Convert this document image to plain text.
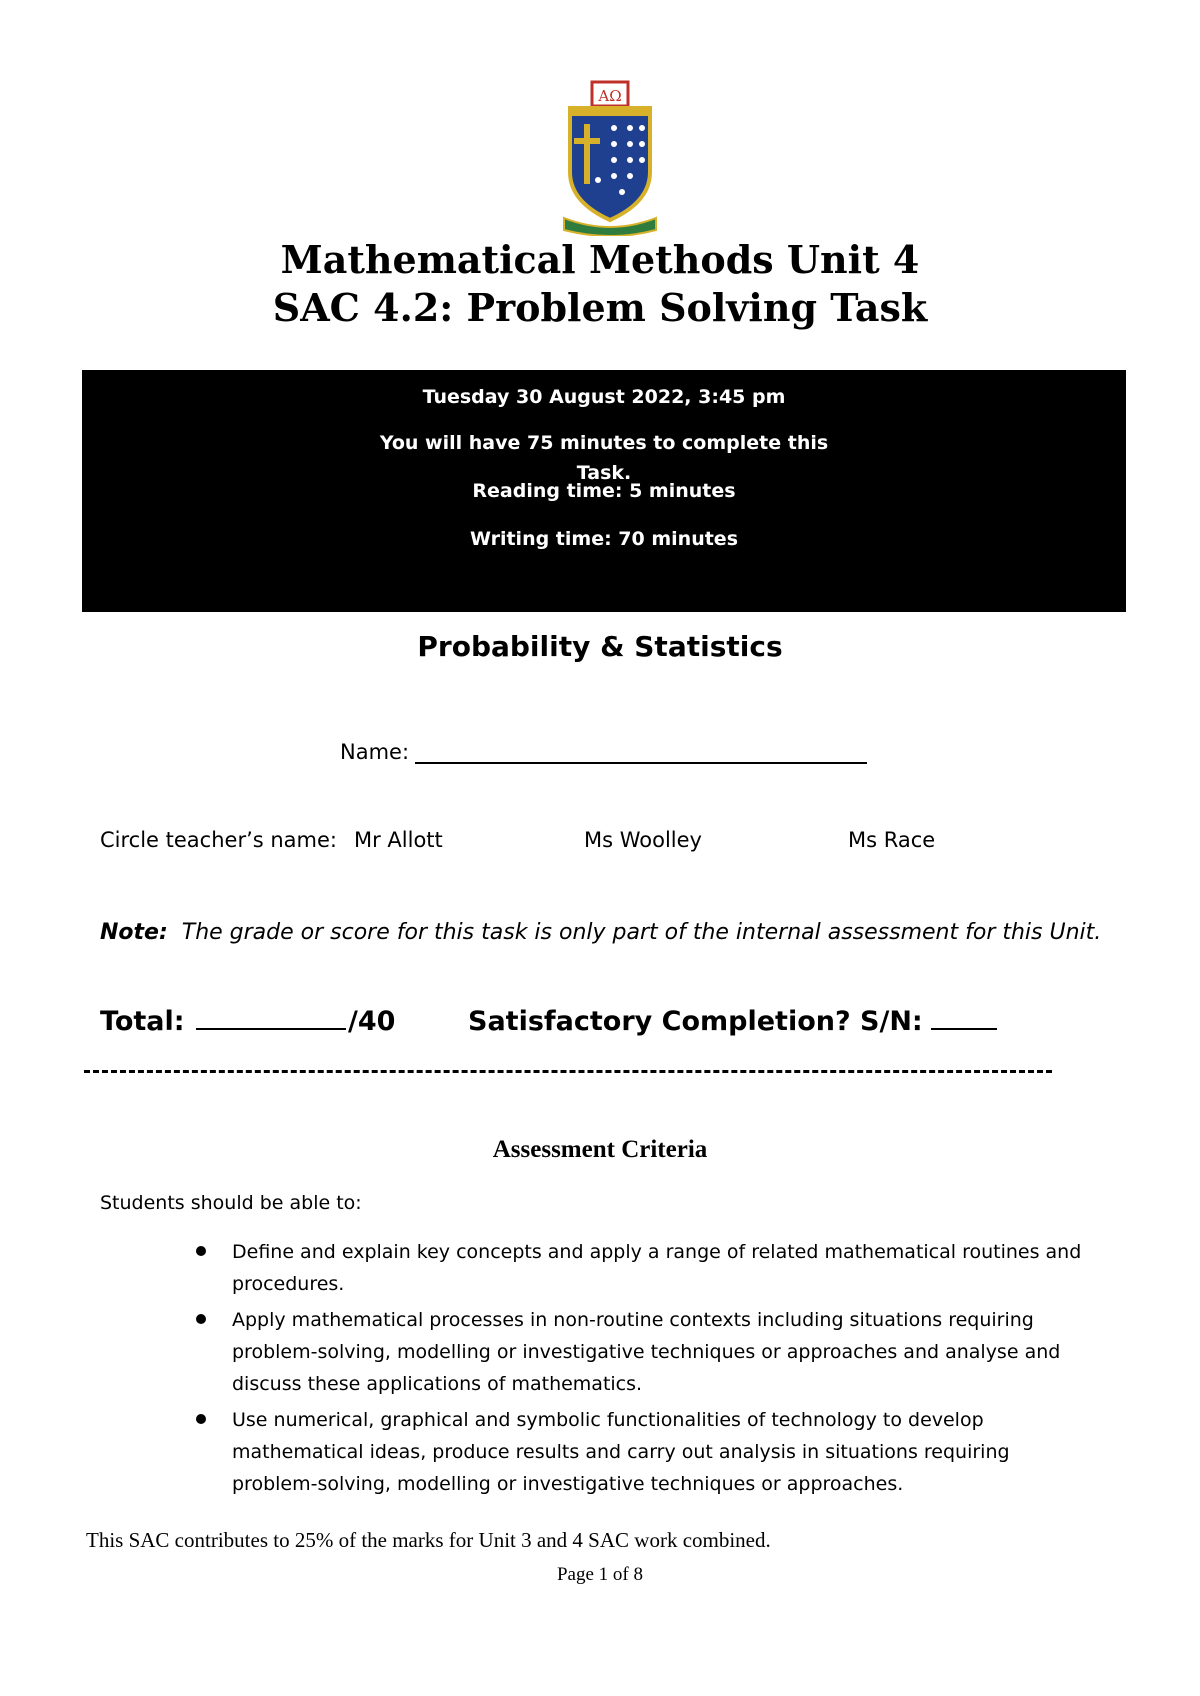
AΩ
Mathematical Methods Unit 4
SAC 4.2: Problem Solving Task
Tuesday 30 August 2022, 3:45 pm
You will have 75 minutes to complete this Task.
Reading time: 5 minutes
Writing time: 70 minutes
Probability & Statistics
Name:
Circle teacher’s name: Mr Allott	Ms Woolley	Ms Race
Note: The grade or score for this task is only part of the internal assessment for this Unit.
Total:	/40	Satisfactory Completion? S/N:
Assessment Criteria
Students should be able to:
Define and explain key concepts and apply a range of related mathematical routines and procedures.
Apply mathematical processes in non-routine contexts including situations requiring problem-solving, modelling or investigative techniques or approaches and analyse and discuss these applications of mathematics.
Use numerical, graphical and symbolic functionalities of technology to develop mathematical ideas, produce results and carry out analysis in situations requiring problem-solving, modelling or investigative techniques or approaches.
This SAC contributes to 25% of the marks for Unit 3 and 4 SAC work combined.
Page 1 of 8
